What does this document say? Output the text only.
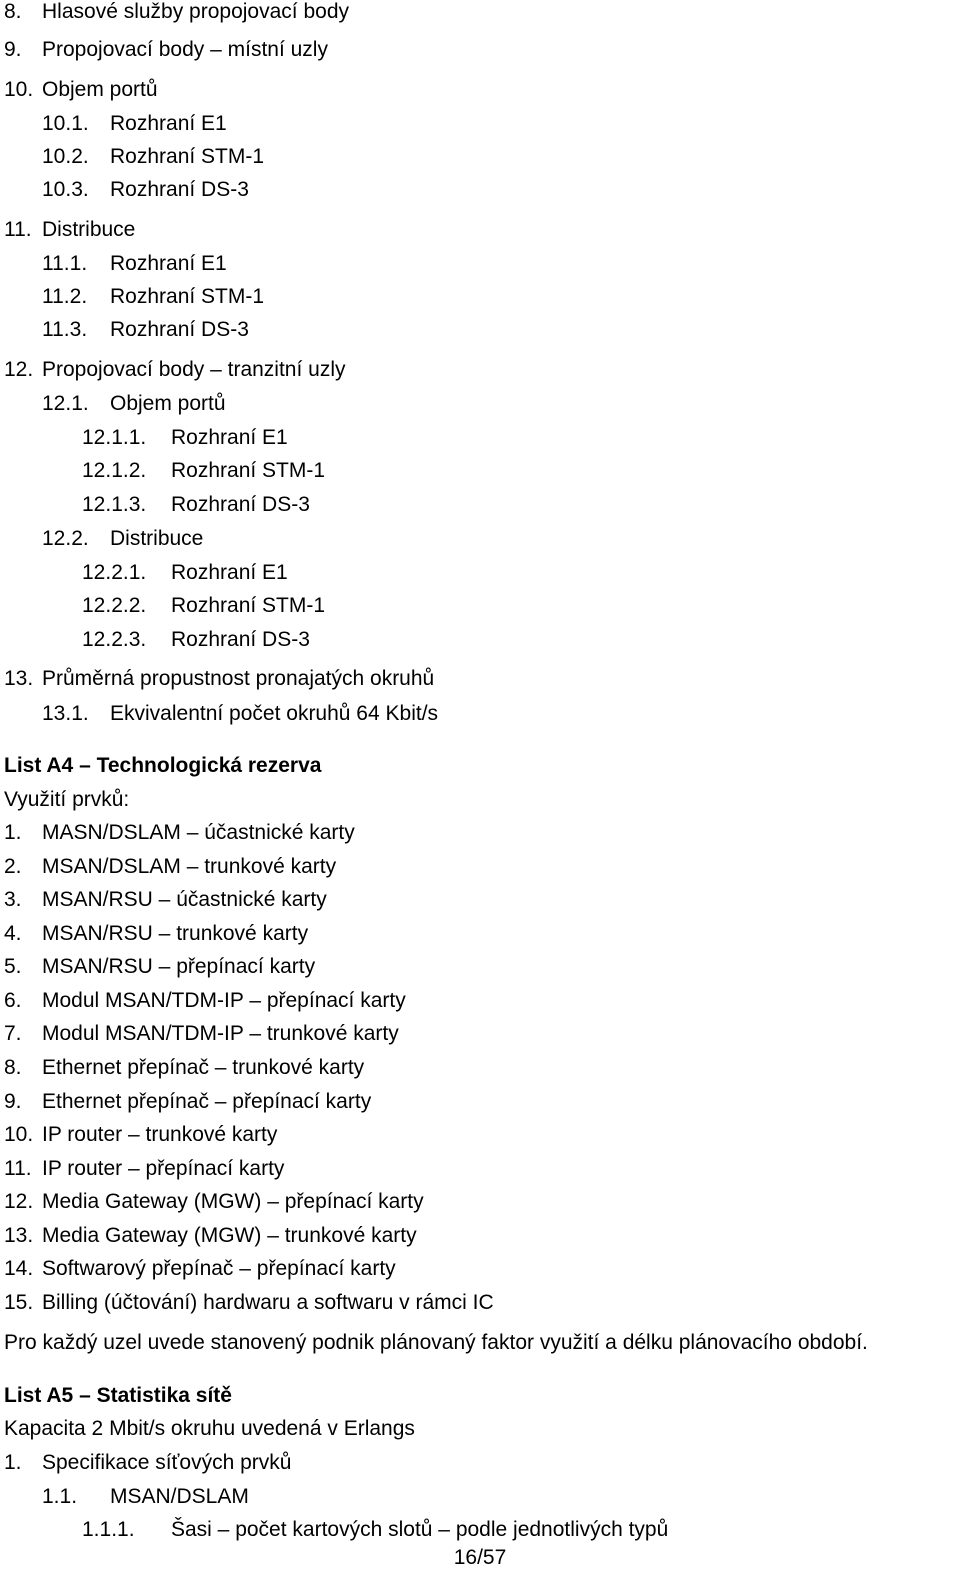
8. Hlasové služby propojovací body
9. Propojovací body – místní uzly
10. Objem portů
10.1. Rozhraní E1
10.2. Rozhraní STM-1
10.3. Rozhraní DS-3
11. Distribuce
11.1. Rozhraní E1
11.2. Rozhraní STM-1
11.3. Rozhraní DS-3
12. Propojovací body – tranzitní uzly
12.1. Objem portů
12.1.1. Rozhraní E1
12.1.2. Rozhraní STM-1
12.1.3. Rozhraní DS-3
12.2. Distribuce
12.2.1. Rozhraní E1
12.2.2. Rozhraní STM-1
12.2.3. Rozhraní DS-3
13. Průměrná propustnost pronajatých okruhů
13.1. Ekvivalentní počet okruhů 64 Kbit/s
List A4 – Technologická rezerva
Využití prvků:
1. MASN/DSLAM – účastnické karty
2. MSAN/DSLAM – trunkové karty
3. MSAN/RSU – účastnické karty
4. MSAN/RSU – trunkové karty
5. MSAN/RSU – přepínací karty
6. Modul MSAN/TDM-IP – přepínací karty
7. Modul MSAN/TDM-IP – trunkové karty
8. Ethernet přepínač – trunkové karty
9. Ethernet přepínač – přepínací karty
10. IP router – trunkové karty
11. IP router – přepínací karty
12. Media Gateway (MGW) – přepínací karty
13. Media Gateway (MGW) – trunkové karty
14. Softwarový přepínač – přepínací karty
15. Billing (účtování) hardwaru a softwaru v rámci IC
Pro každý uzel uvede stanovený podnik plánovaný faktor využití a délku plánovacího období.
List A5 – Statistika sítě
Kapacita 2 Mbit/s okruhu uvedená v Erlangs
1. Specifikace síťových prvků
1.1. MSAN/DSLAM
1.1.1. Šasi – počet kartových slotů – podle jednotlivých typů
16/57
